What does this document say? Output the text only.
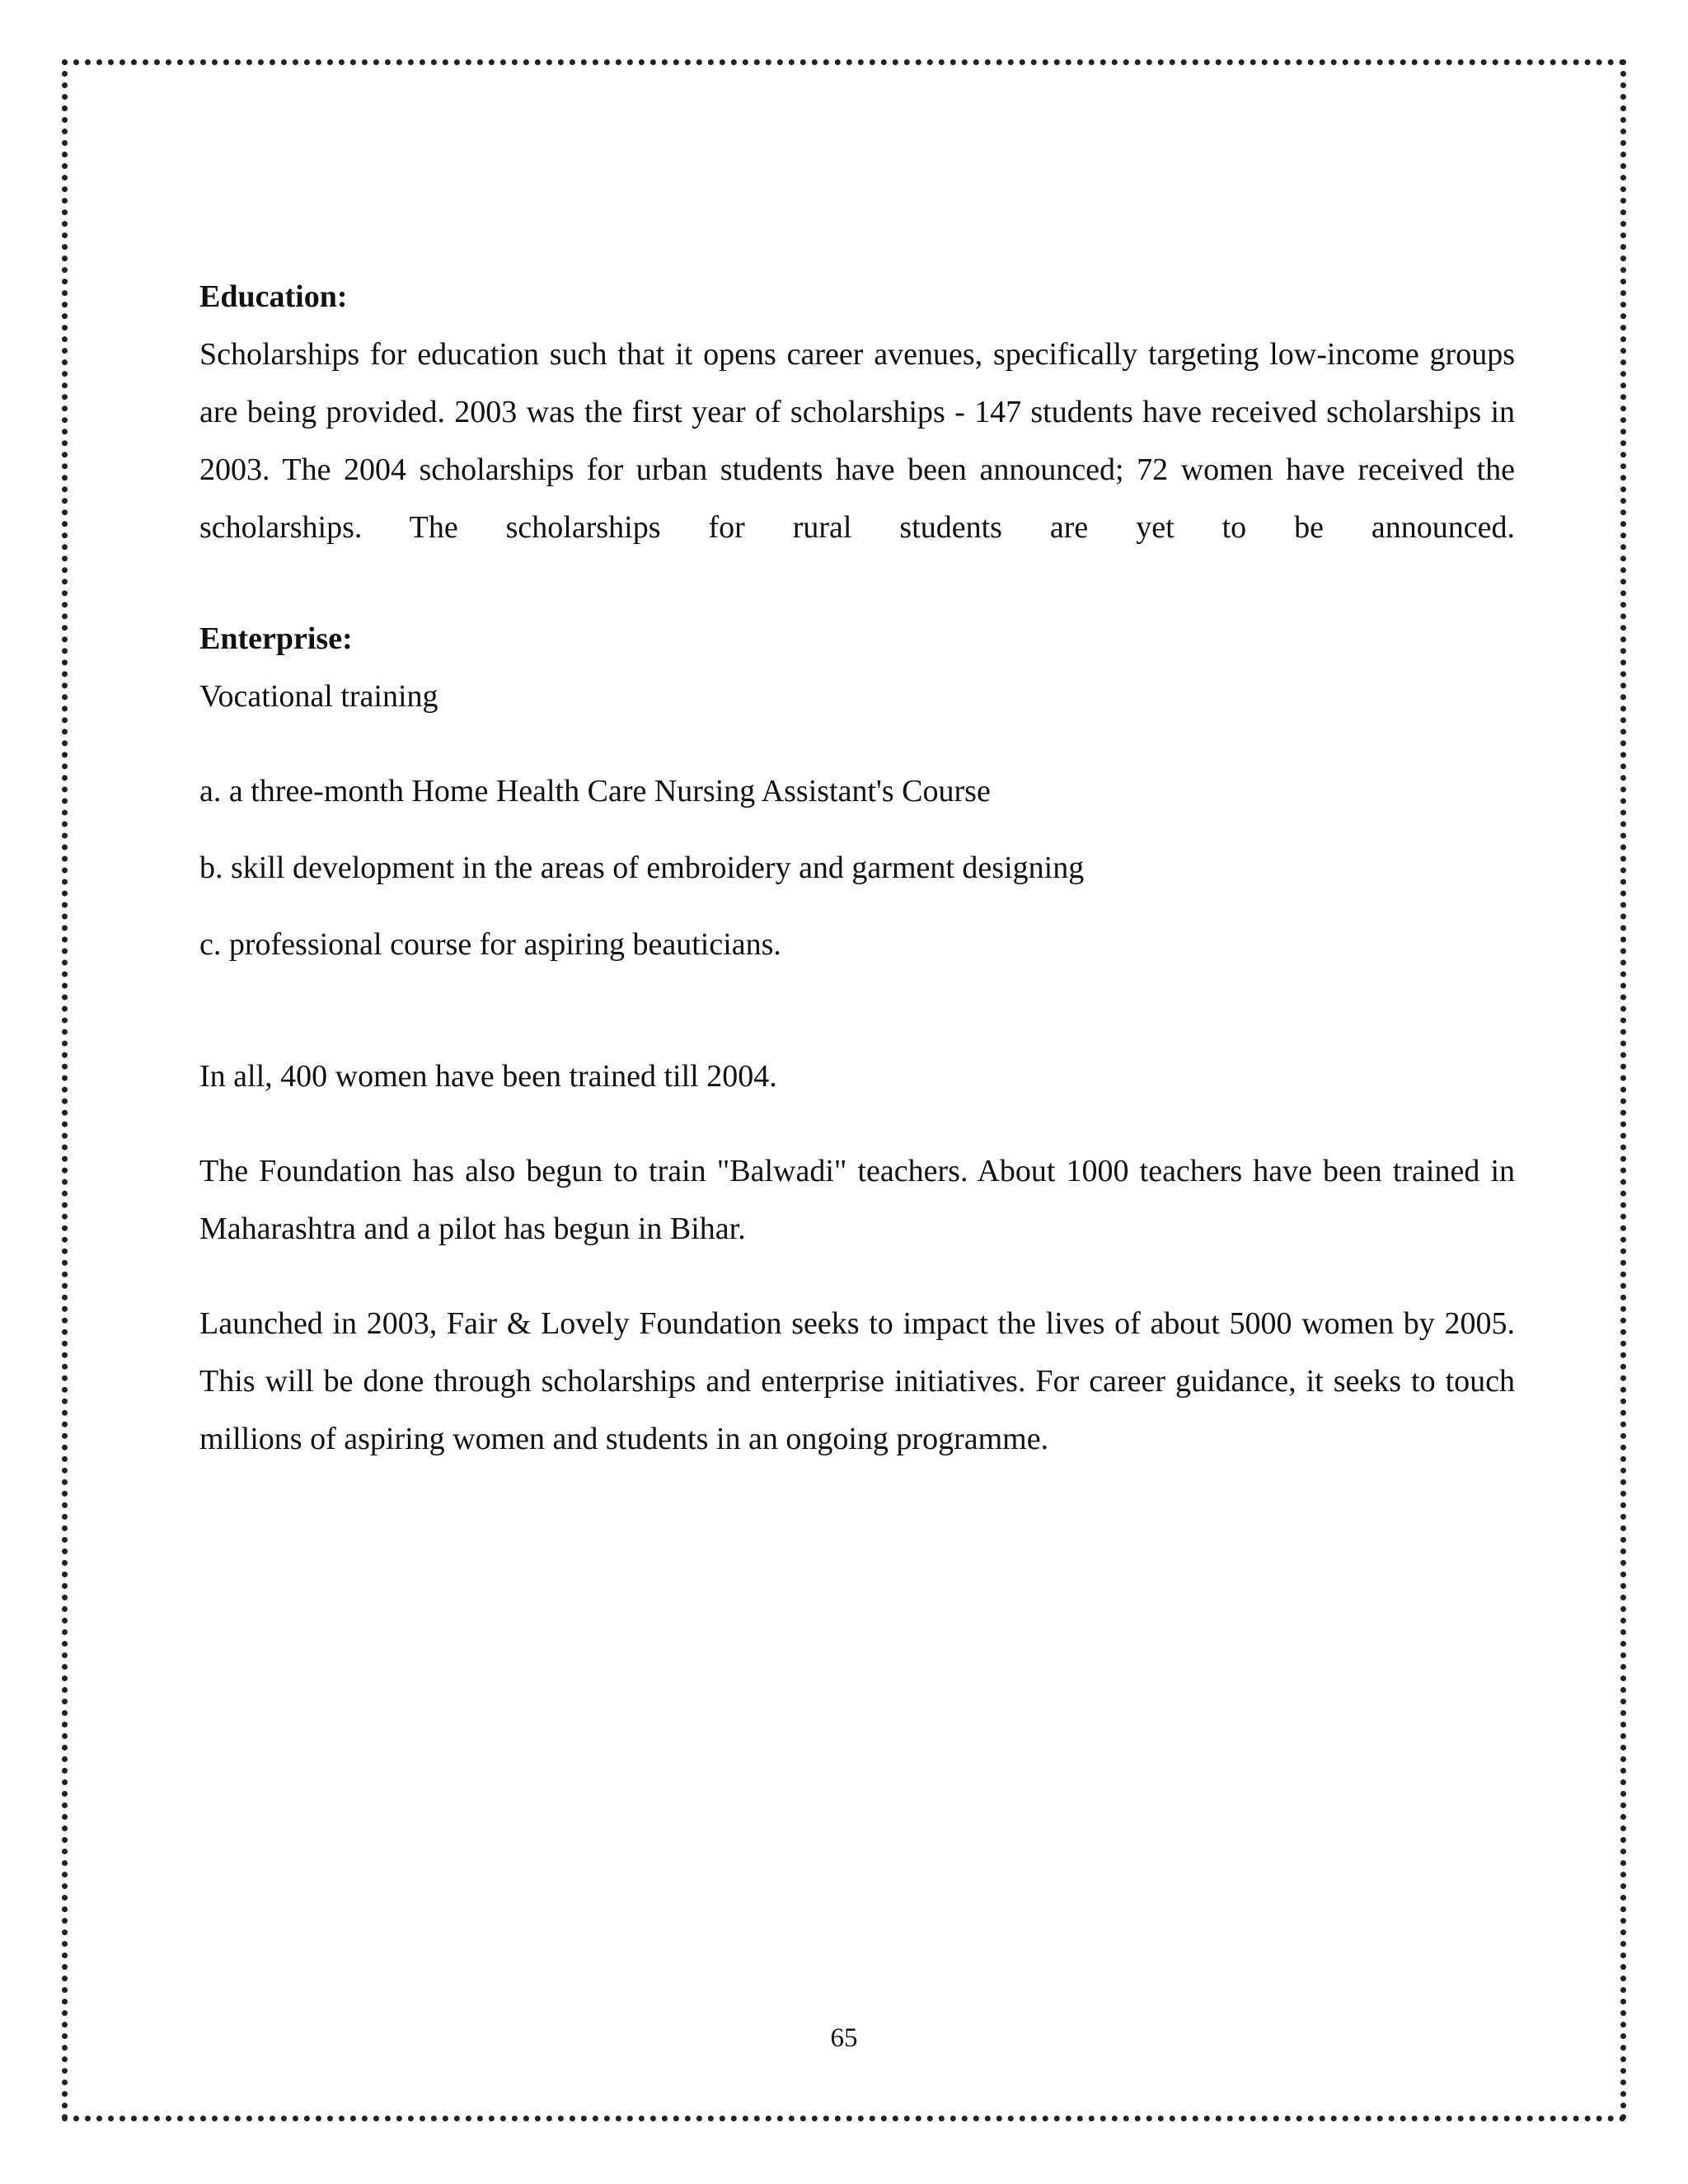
Education:

Scholarships for education such that it opens career avenues, specifically targeting low-income groups are being provided. 2003 was the first year of scholarships - 147 students have received scholarships in 2003. The 2004 scholarships for urban students have been announced; 72 women have received the scholarships. The scholarships for rural students are yet to be announced.

Enterprise:

Vocational training

a. a three-month Home Health Care Nursing Assistant's Course

b. skill development in the areas of embroidery and garment designing

c. professional course for aspiring beauticians.

In all, 400 women have been trained till 2004.

The Foundation has also begun to train "Balwadi" teachers. About 1000 teachers have been trained in Maharashtra and a pilot has begun in Bihar.

Launched in 2003, Fair & Lovely Foundation seeks to impact the lives of about 5000 women by 2005. This will be done through scholarships and enterprise initiatives. For career guidance, it seeks to touch millions of aspiring women and students in an ongoing programme.

65
